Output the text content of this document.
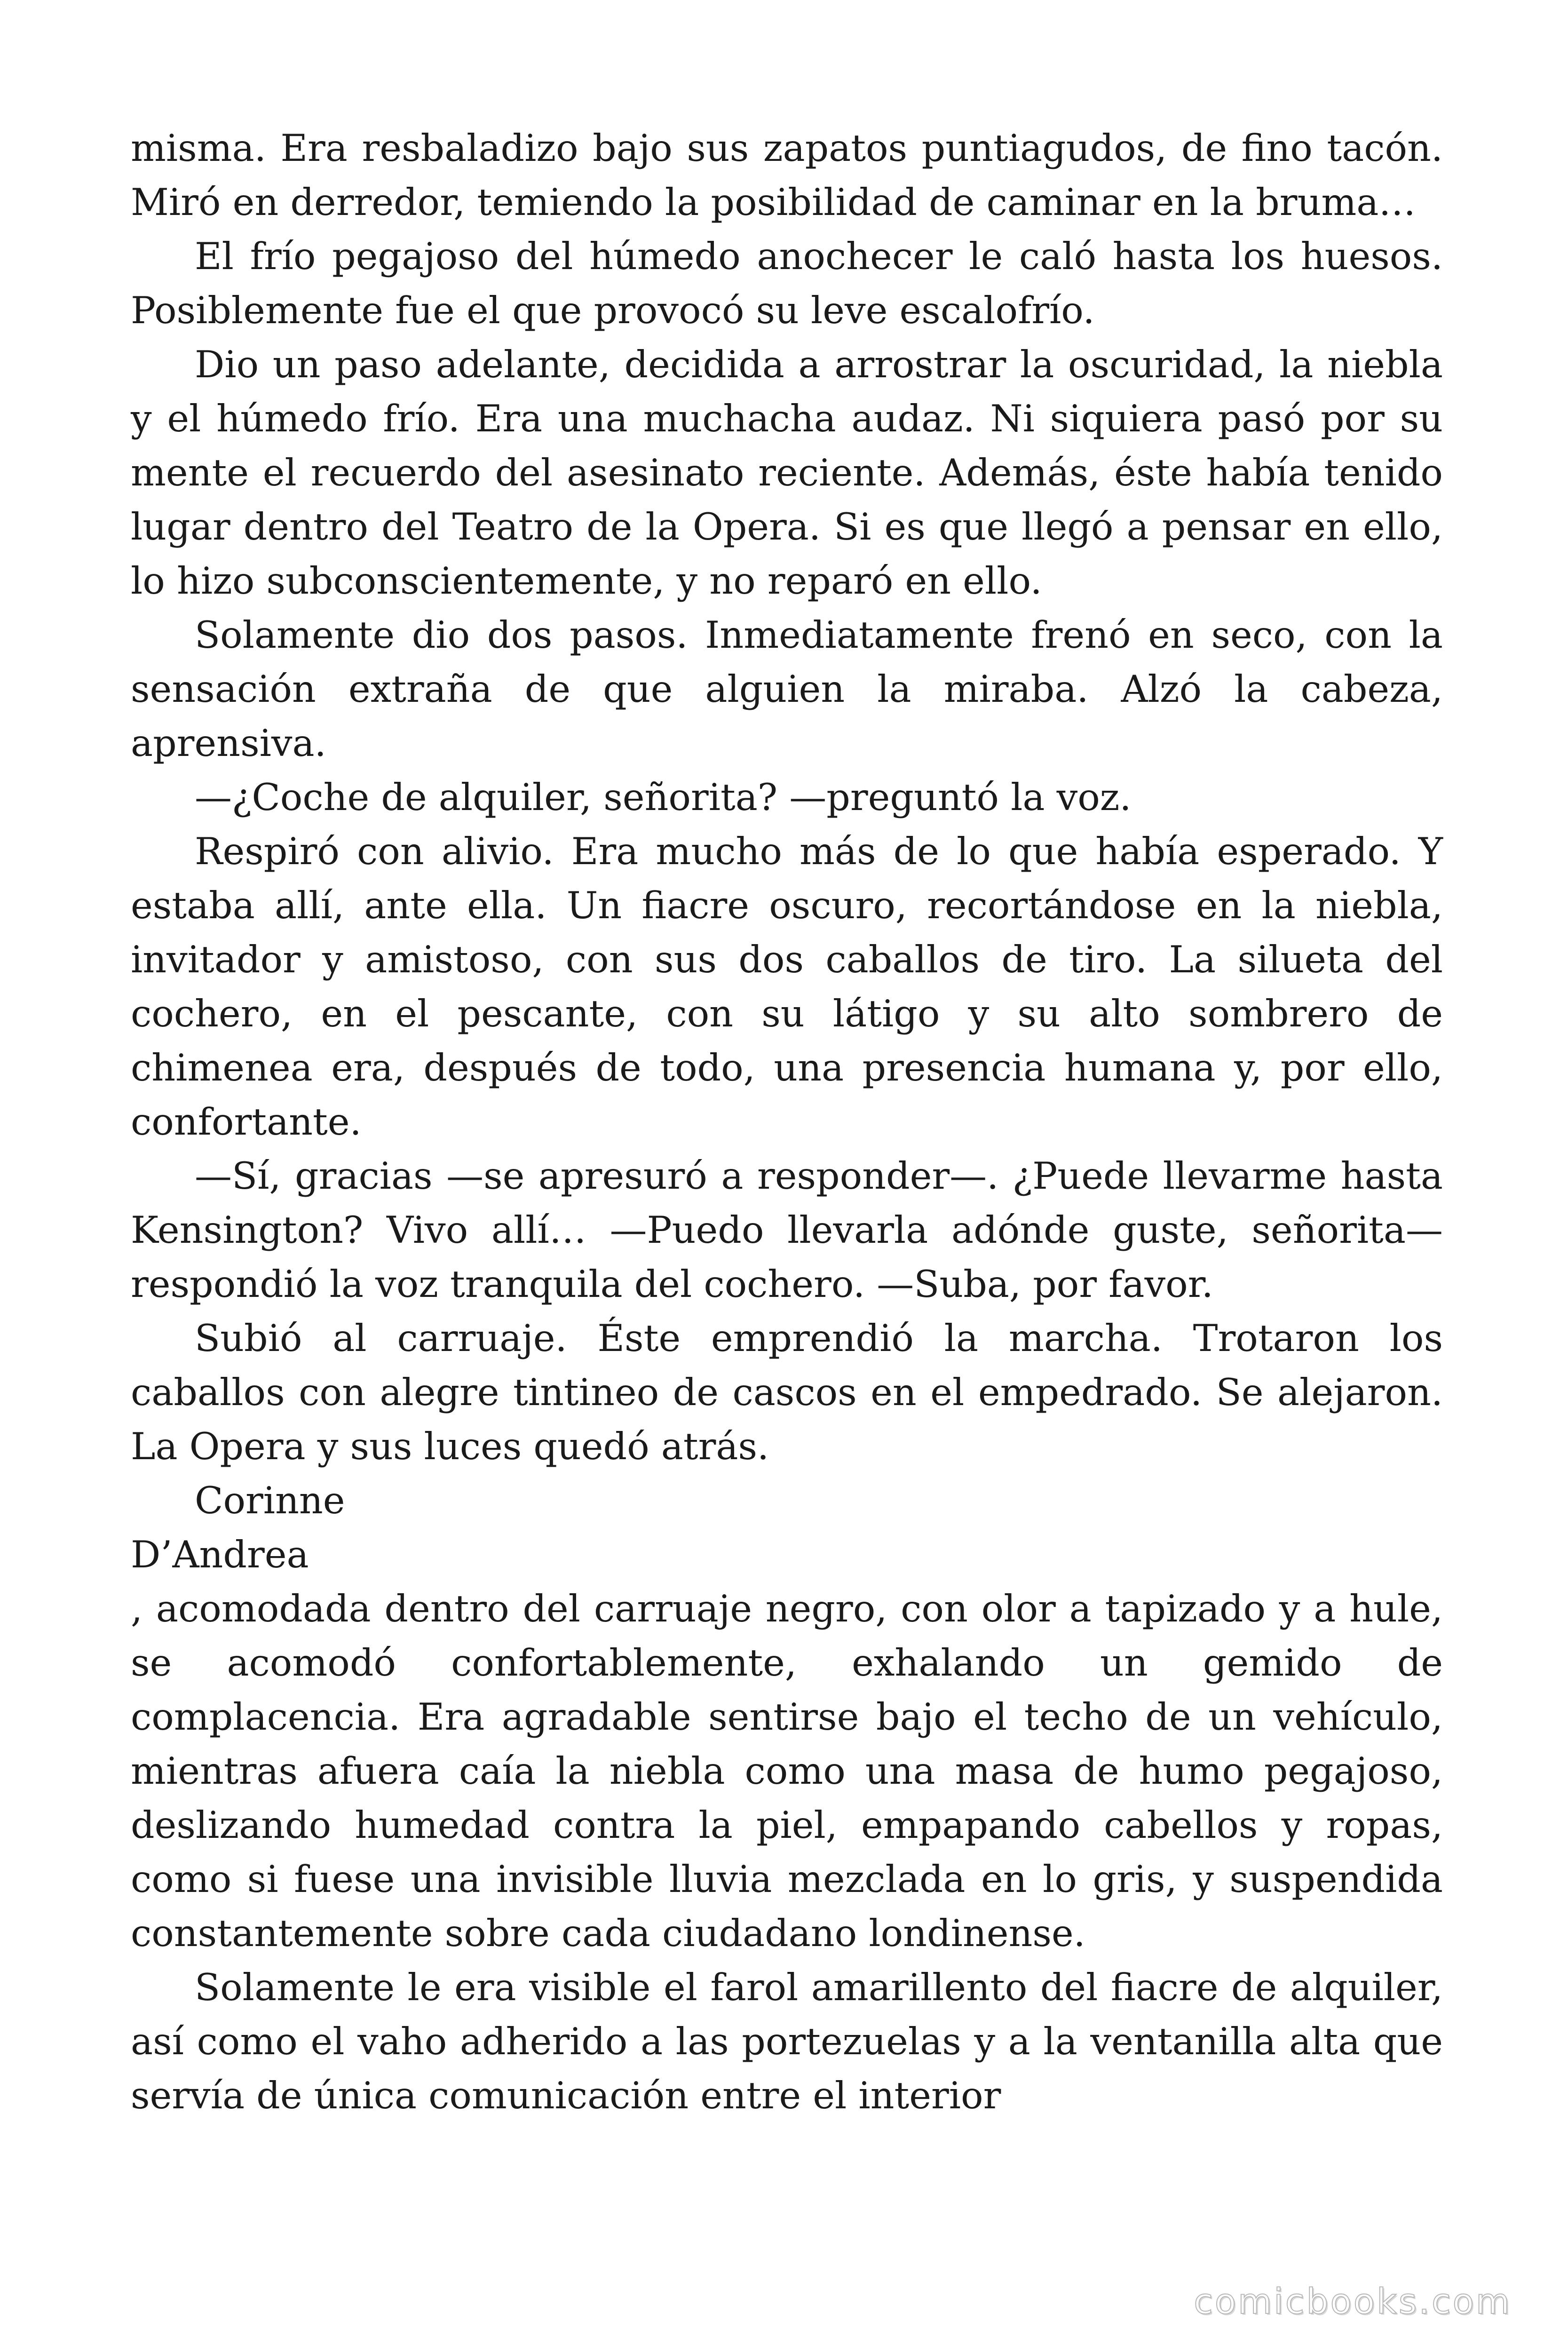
misma. Era resbaladizo bajo sus zapatos puntiagudos, de fino tacón. Miró en derredor, temiendo la posibilidad de caminar en la bruma…

El frío pegajoso del húmedo anochecer le caló hasta los huesos. Posiblemente fue el que provocó su leve escalofrío.

Dio un paso adelante, decidida a arrostrar la oscuridad, la niebla y el húmedo frío. Era una muchacha audaz. Ni siquiera pasó por su mente el recuerdo del asesinato reciente. Además, éste había tenido lugar dentro del Teatro de la Opera. Si es que llegó a pensar en ello, lo hizo subconscientemente, y no reparó en ello.

Solamente dio dos pasos. Inmediatamente frenó en seco, con la sensación extraña de que alguien la miraba. Alzó la cabeza, aprensiva.

—¿Coche de alquiler, señorita? —preguntó la voz.

Respiró con alivio. Era mucho más de lo que había esperado. Y estaba allí, ante ella. Un fiacre oscuro, recortándose en la niebla, invitador y amistoso, con sus dos caballos de tiro. La silueta del cochero, en el pescante, con su látigo y su alto sombrero de chimenea era, después de todo, una presencia humana y, por ello, confortante.

—Sí, gracias —se apresuró a responder—. ¿Puede llevarme hasta Kensington? Vivo allí… —Puedo llevarla adónde guste, señorita— respondió la voz tranquila del cochero. —Suba, por favor.

Subió al carruaje. Éste emprendió la marcha. Trotaron los caballos con alegre tintineo de cascos en el empedrado. Se alejaron. La Opera y sus luces quedó atrás.

Corinne

D’Andrea

, acomodada dentro del carruaje negro, con olor a tapizado y a hule, se acomodó confortablemente, exhalando un gemido de complacencia. Era agradable sentirse bajo el techo de un vehículo, mientras afuera caía la niebla como una masa de humo pegajoso, deslizando humedad contra la piel, empapando cabellos y ropas, como si fuese una invisible lluvia mezclada en lo gris, y suspendida constantemente sobre cada ciudadano londinense.

Solamente le era visible el farol amarillento del fiacre de alquiler, así como el vaho adherido a las portezuelas y a la ventanilla alta que servía de única comunicación entre el interior

comicbooks.com
